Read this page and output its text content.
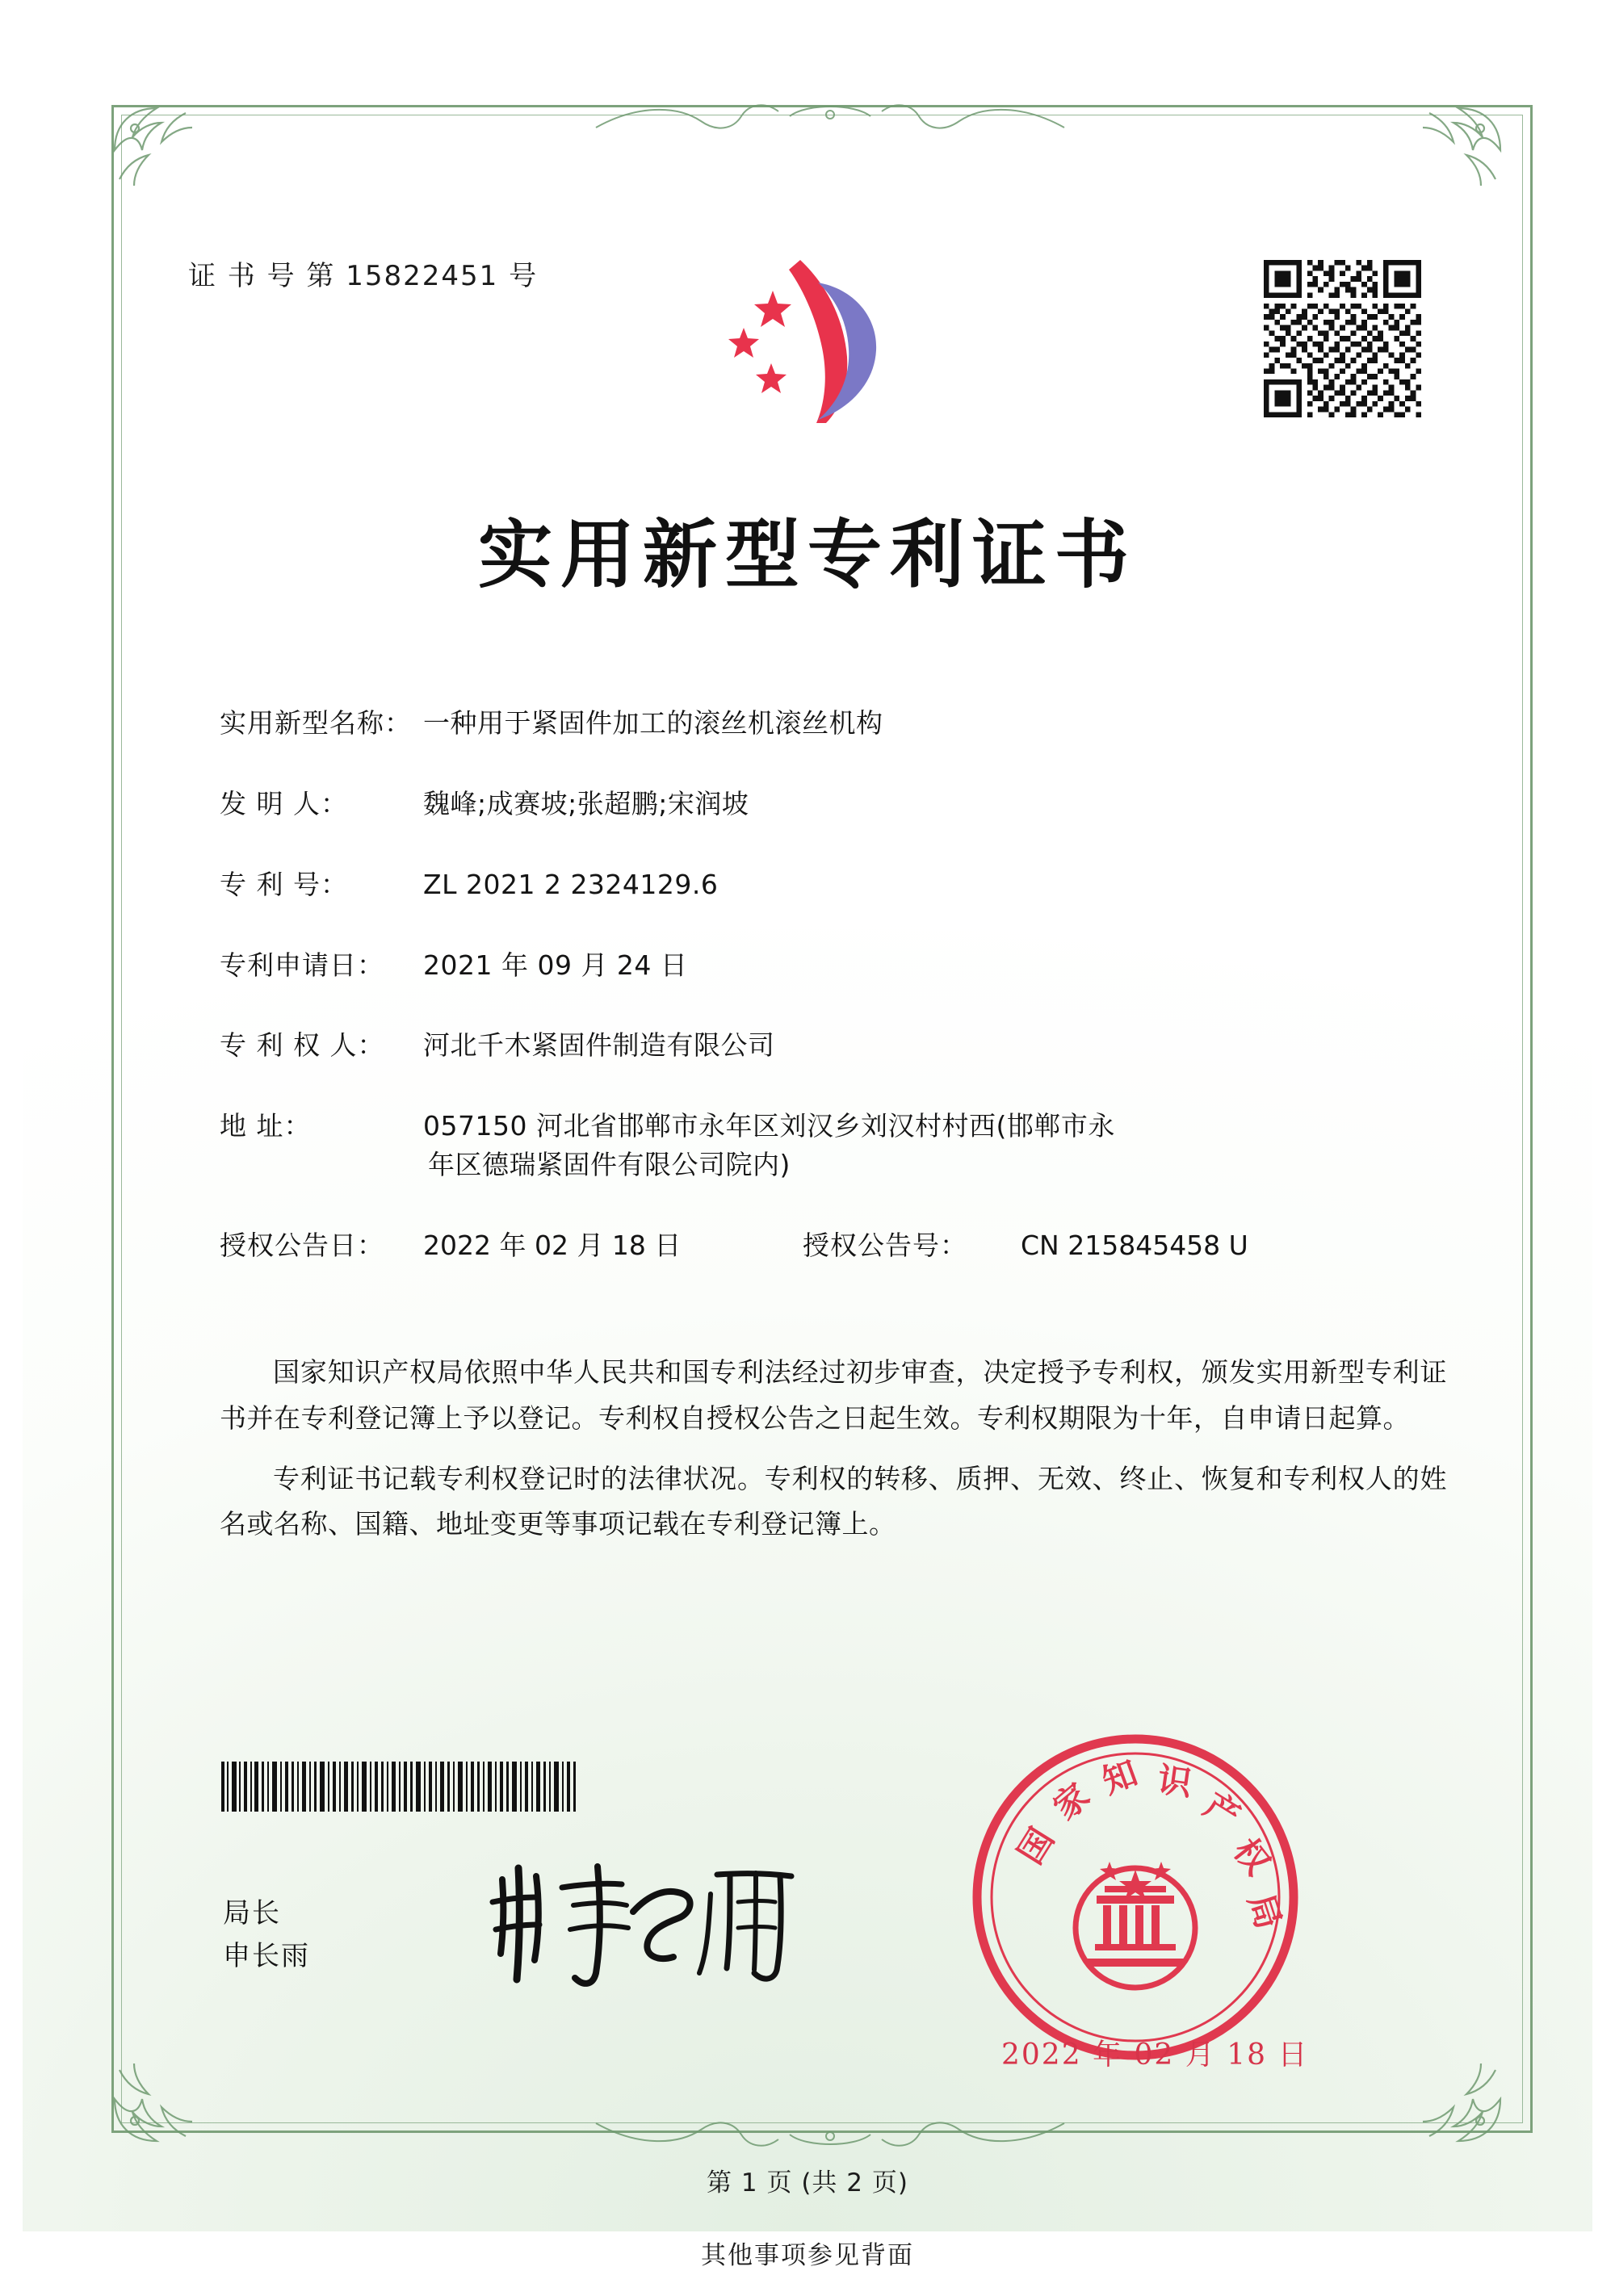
证 书 号 第 15822451 号
实用新型专利证书
实用新型名称： 一种用于紧固件加工的滚丝机滚丝机构
发 明 人：	魏峰;成赛坡;张超鹏;宋润坡
专 利 号：	ZL 2021 2 2324129.6
专利申请日：	2021 年 09 月 24 日
专 利 权 人：	河北千木紧固件制造有限公司
地 址：	057150 河北省邯郸市永年区刘汉乡刘汉村村西(邯郸市永
年区德瑞紧固件有限公司院内)
授权公告日：	2022 年 02 月 18 日	授权公告号：	CN 215845458 U

国家知识产权局依照中华人民共和国专利法经过初步审查，决定授予专利权，颁发实用新型专利证书并在专利登记簿上予以登记。专利权自授权公告之日起生效。专利权期限为十年，自申请日起算。

专利证书记载专利权登记时的法律状况。专利权的转移、质押、无效、终止、恢复和专利权人的姓名或名称、国籍、地址变更等事项记载在专利登记簿上。

局长
申长雨
国
家 知 识
产
权
局
2022 年 02 月 18 日
第 1 页 (共 2 页)
其他事项参见背面
